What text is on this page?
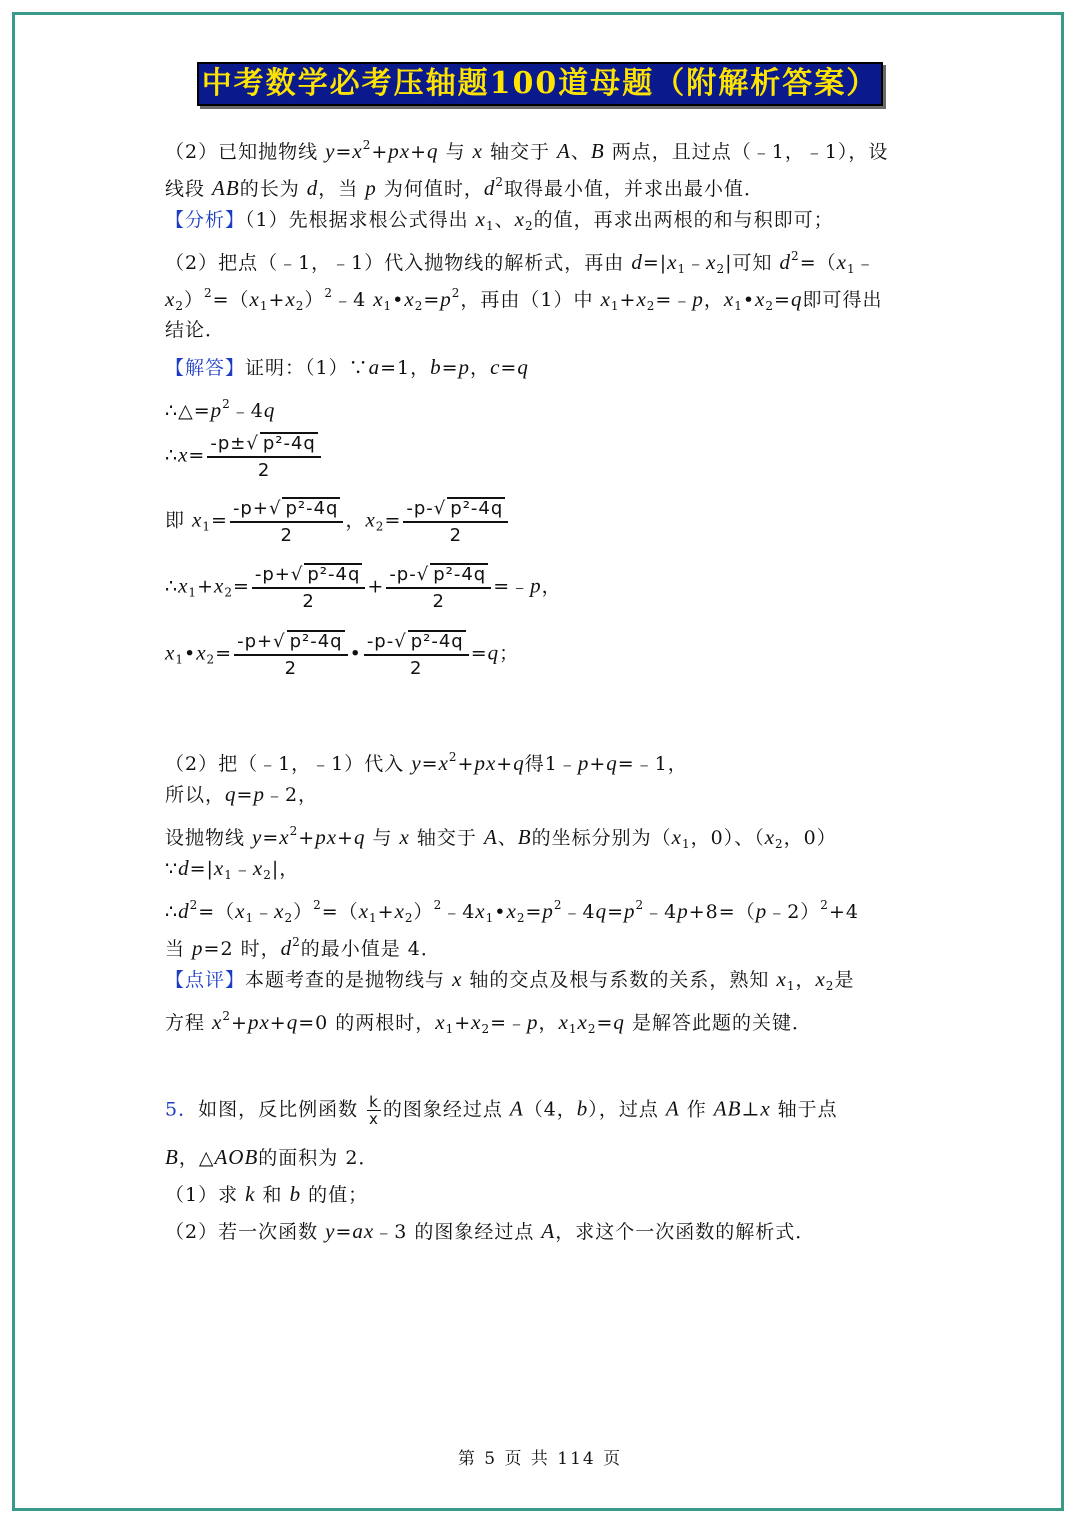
中考数学必考压轴题100道母题（附解析答案）
（2）已知抛物线 $y=x^2+px+q$ 与 x 轴交于 A、B 两点，且过点（﹣1，﹣1），设
线段 AB的长为 d，当 p 为何值时，$d^2$取得最小值，并求出最小值．
【分析】（1）先根据求根公式得出 $x_1$、$x_2$的值，再求出两根的和与积即可；
（2）把点（﹣1，﹣1）代入抛物线的解析式，再由 $d=|x_1﹣x_2|$可知 $d^2=(x_1﹣$
$x_2)^2=(x_1+x_2)^2﹣4$ $x_1•x_2=p^2$，再由（1）中 $x_1+x_2=﹣p$，$x_1•x_2=q$即可得出
结论．
【解答】证明：（1）∵a=1，b=p，c=q
$\therefore\triangle=p^2﹣4q$
∴x= $\frac{\text{-p±√ p²-4q}}{2}$
即 $x_1= \frac{\text{-p+√ p²-4q}}{2}$ ，$x_2= \frac{\text{-p-√ p²-4q}}{2}$
$\therefore x_1+x_2= \frac{\text{-p+√ p²-4q}}{2} + \frac{\text{-p-√ p²-4q}}{2}$ =﹣p，
$x_1•x_2= \frac{\text{-p+√ p²-4q}}{2}$ • $\frac{\text{-p-√ p²-4q}}{2} =q$；
（2）把（﹣1，﹣1）代入 $y=x^2+px+q$得1﹣p+q=﹣1，
所以，q=p﹣2，
设抛物线 $y=x^2+px+q$ 与 x 轴交于 A、B的坐标分别为（$x_1$，0）、（$x_2$，0）
$\because d=|x_1﹣x_2|$，
$\therefore d^2=(x_1﹣x_2)^2=(x_1+x_2)^2﹣4x_1•x_2=p^2﹣4q=p^2﹣4p+8=(p﹣2)^2+4$
当 p=2 时，$d^2$的最小值是 4．
【点评】本题考查的是抛物线与 x 轴的交点及根与系数的关系，熟知 $x_1$，$x_2$是
方程 $x^2+px+q=0$ 的两根时，$x_1+x_2=﹣p$，$x_1x_2=q$ 是解答此题的关键．
5．如图，反比例函数 $\frac{k}{x}$ 的图象经过点 A（4，b），过点 A 作 AB⊥x 轴于点
B，△AOB的面积为 2．
（1）求 k 和 b 的值；
（2）若一次函数 y=ax﹣3 的图象经过点 A，求这个一次函数的解析式．
第 5 页 共 114 页
